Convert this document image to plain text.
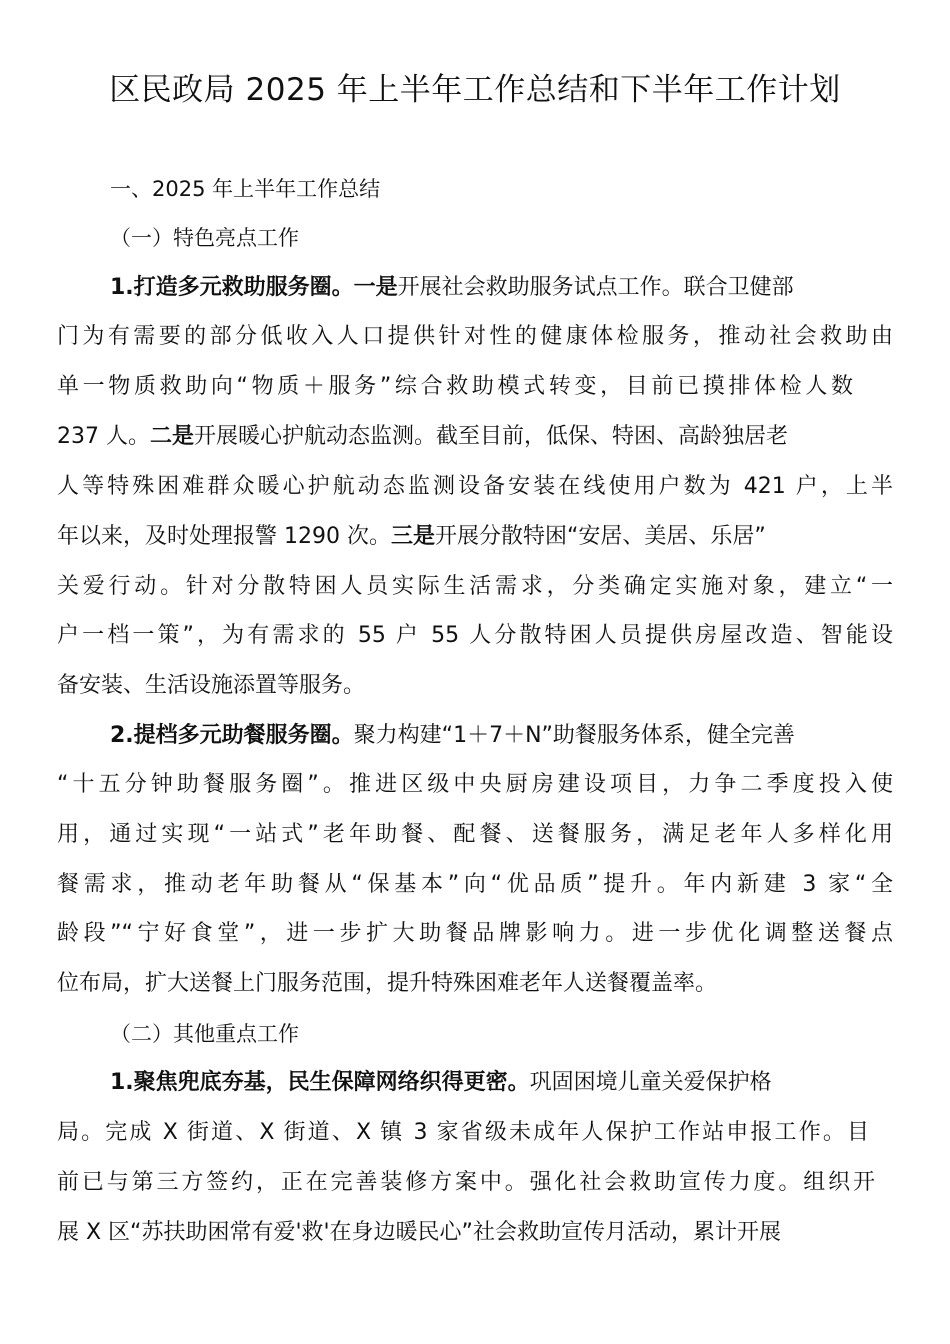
区民政局 2025 年上半年工作总结和下半年工作计划
一、2025 年上半年工作总结
（一）特色亮点工作
1.打造多元救助服务圈。一是开展社会救助服务试点工作。联合卫健部
门为有需要的部分低收入人口提供针对性的健康体检服务，推动社会救助由
单一物质救助向“物质＋服务”综合救助模式转变，目前已摸排体检人数
237 人。二是开展暖心护航动态监测。截至目前，低保、特困、高龄独居老
人等特殊困难群众暖心护航动态监测设备安装在线使用户数为 421 户，上半
年以来，及时处理报警 1290 次。三是开展分散特困“安居、美居、乐居”
关爱行动。针对分散特困人员实际生活需求，分类确定实施对象，建立“一
户一档一策”，为有需求的 55 户 55 人分散特困人员提供房屋改造、智能设
备安装、生活设施添置等服务。
2.提档多元助餐服务圈。聚力构建“1＋7＋N”助餐服务体系，健全完善
“十五分钟助餐服务圈”。推进区级中央厨房建设项目，力争二季度投入使
用，通过实现“一站式”老年助餐、配餐、送餐服务，满足老年人多样化用
餐需求，推动老年助餐从“保基本”向“优品质”提升。年内新建 3 家“全
龄段”“宁好食堂”，进一步扩大助餐品牌影响力。进一步优化调整送餐点
位布局，扩大送餐上门服务范围，提升特殊困难老年人送餐覆盖率。
（二）其他重点工作
1.聚焦兜底夯基，民生保障网络织得更密。巩固困境儿童关爱保护格
局。完成 X 街道、X 街道、X 镇 3 家省级未成年人保护工作站申报工作。目
前已与第三方签约，正在完善装修方案中。强化社会救助宣传力度。组织开
展 X 区“苏扶助困常有爱'救'在身边暖民心”社会救助宣传月活动，累计开展
